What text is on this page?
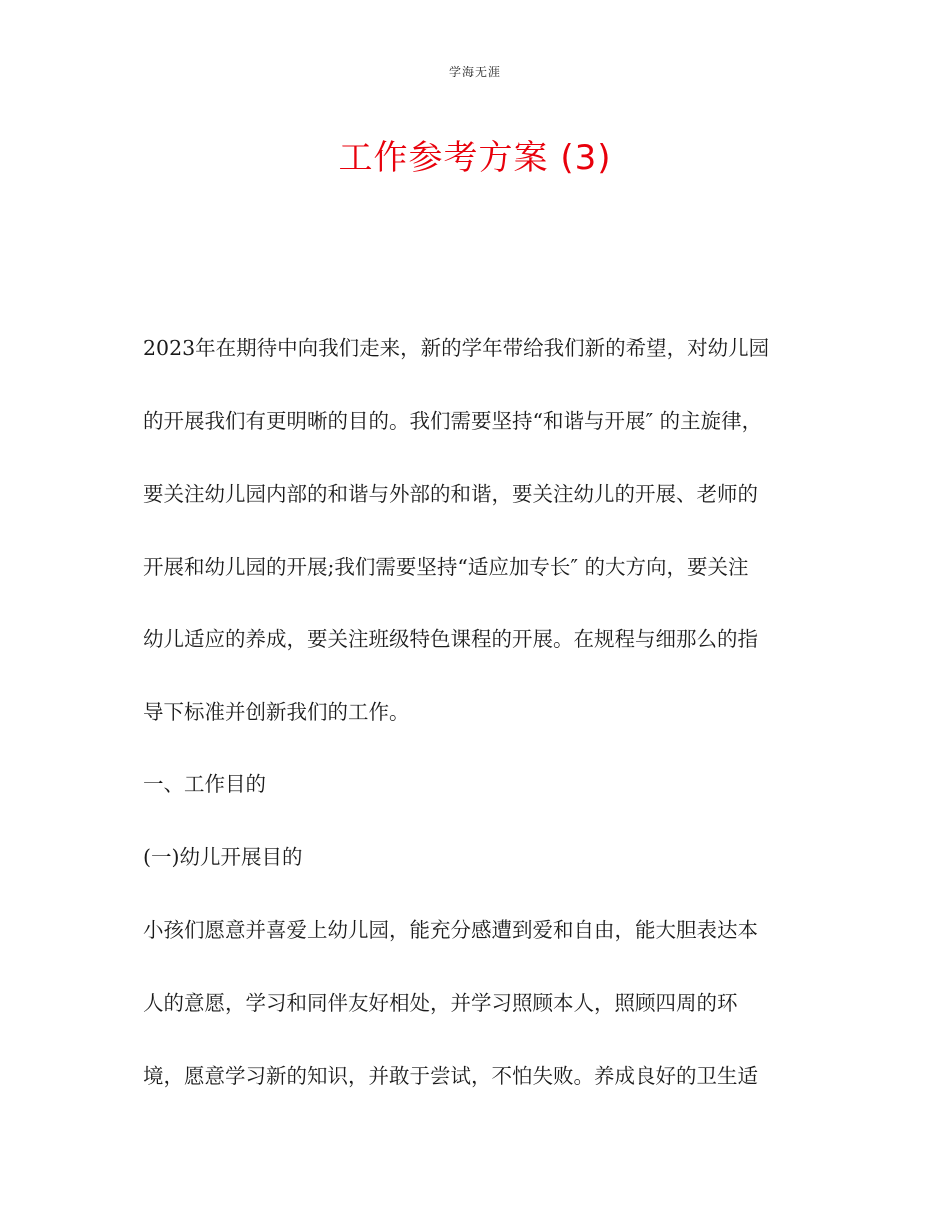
学海无涯
工作参考方案 (3)
2023年在期待中向我们走来，新的学年带给我们新的希望，对幼儿园
的开展我们有更明晰的目的。我们需要坚持“和谐与开展″ 的主旋律，
要关注幼儿园内部的和谐与外部的和谐，要关注幼儿的开展、老师的
开展和幼儿园的开展;我们需要坚持“适应加专长″ 的大方向，要关注
幼儿适应的养成，要关注班级特色课程的开展。在规程与细那么的指
导下标准并创新我们的工作。
一、工作目的
(一)幼儿开展目的
小孩们愿意并喜爱上幼儿园，能充分感遭到爱和自由，能大胆表达本
人的意愿，学习和同伴友好相处，并学习照顾本人，照顾四周的环
境，愿意学习新的知识，并敢于尝试，不怕失败。养成良好的卫生适
